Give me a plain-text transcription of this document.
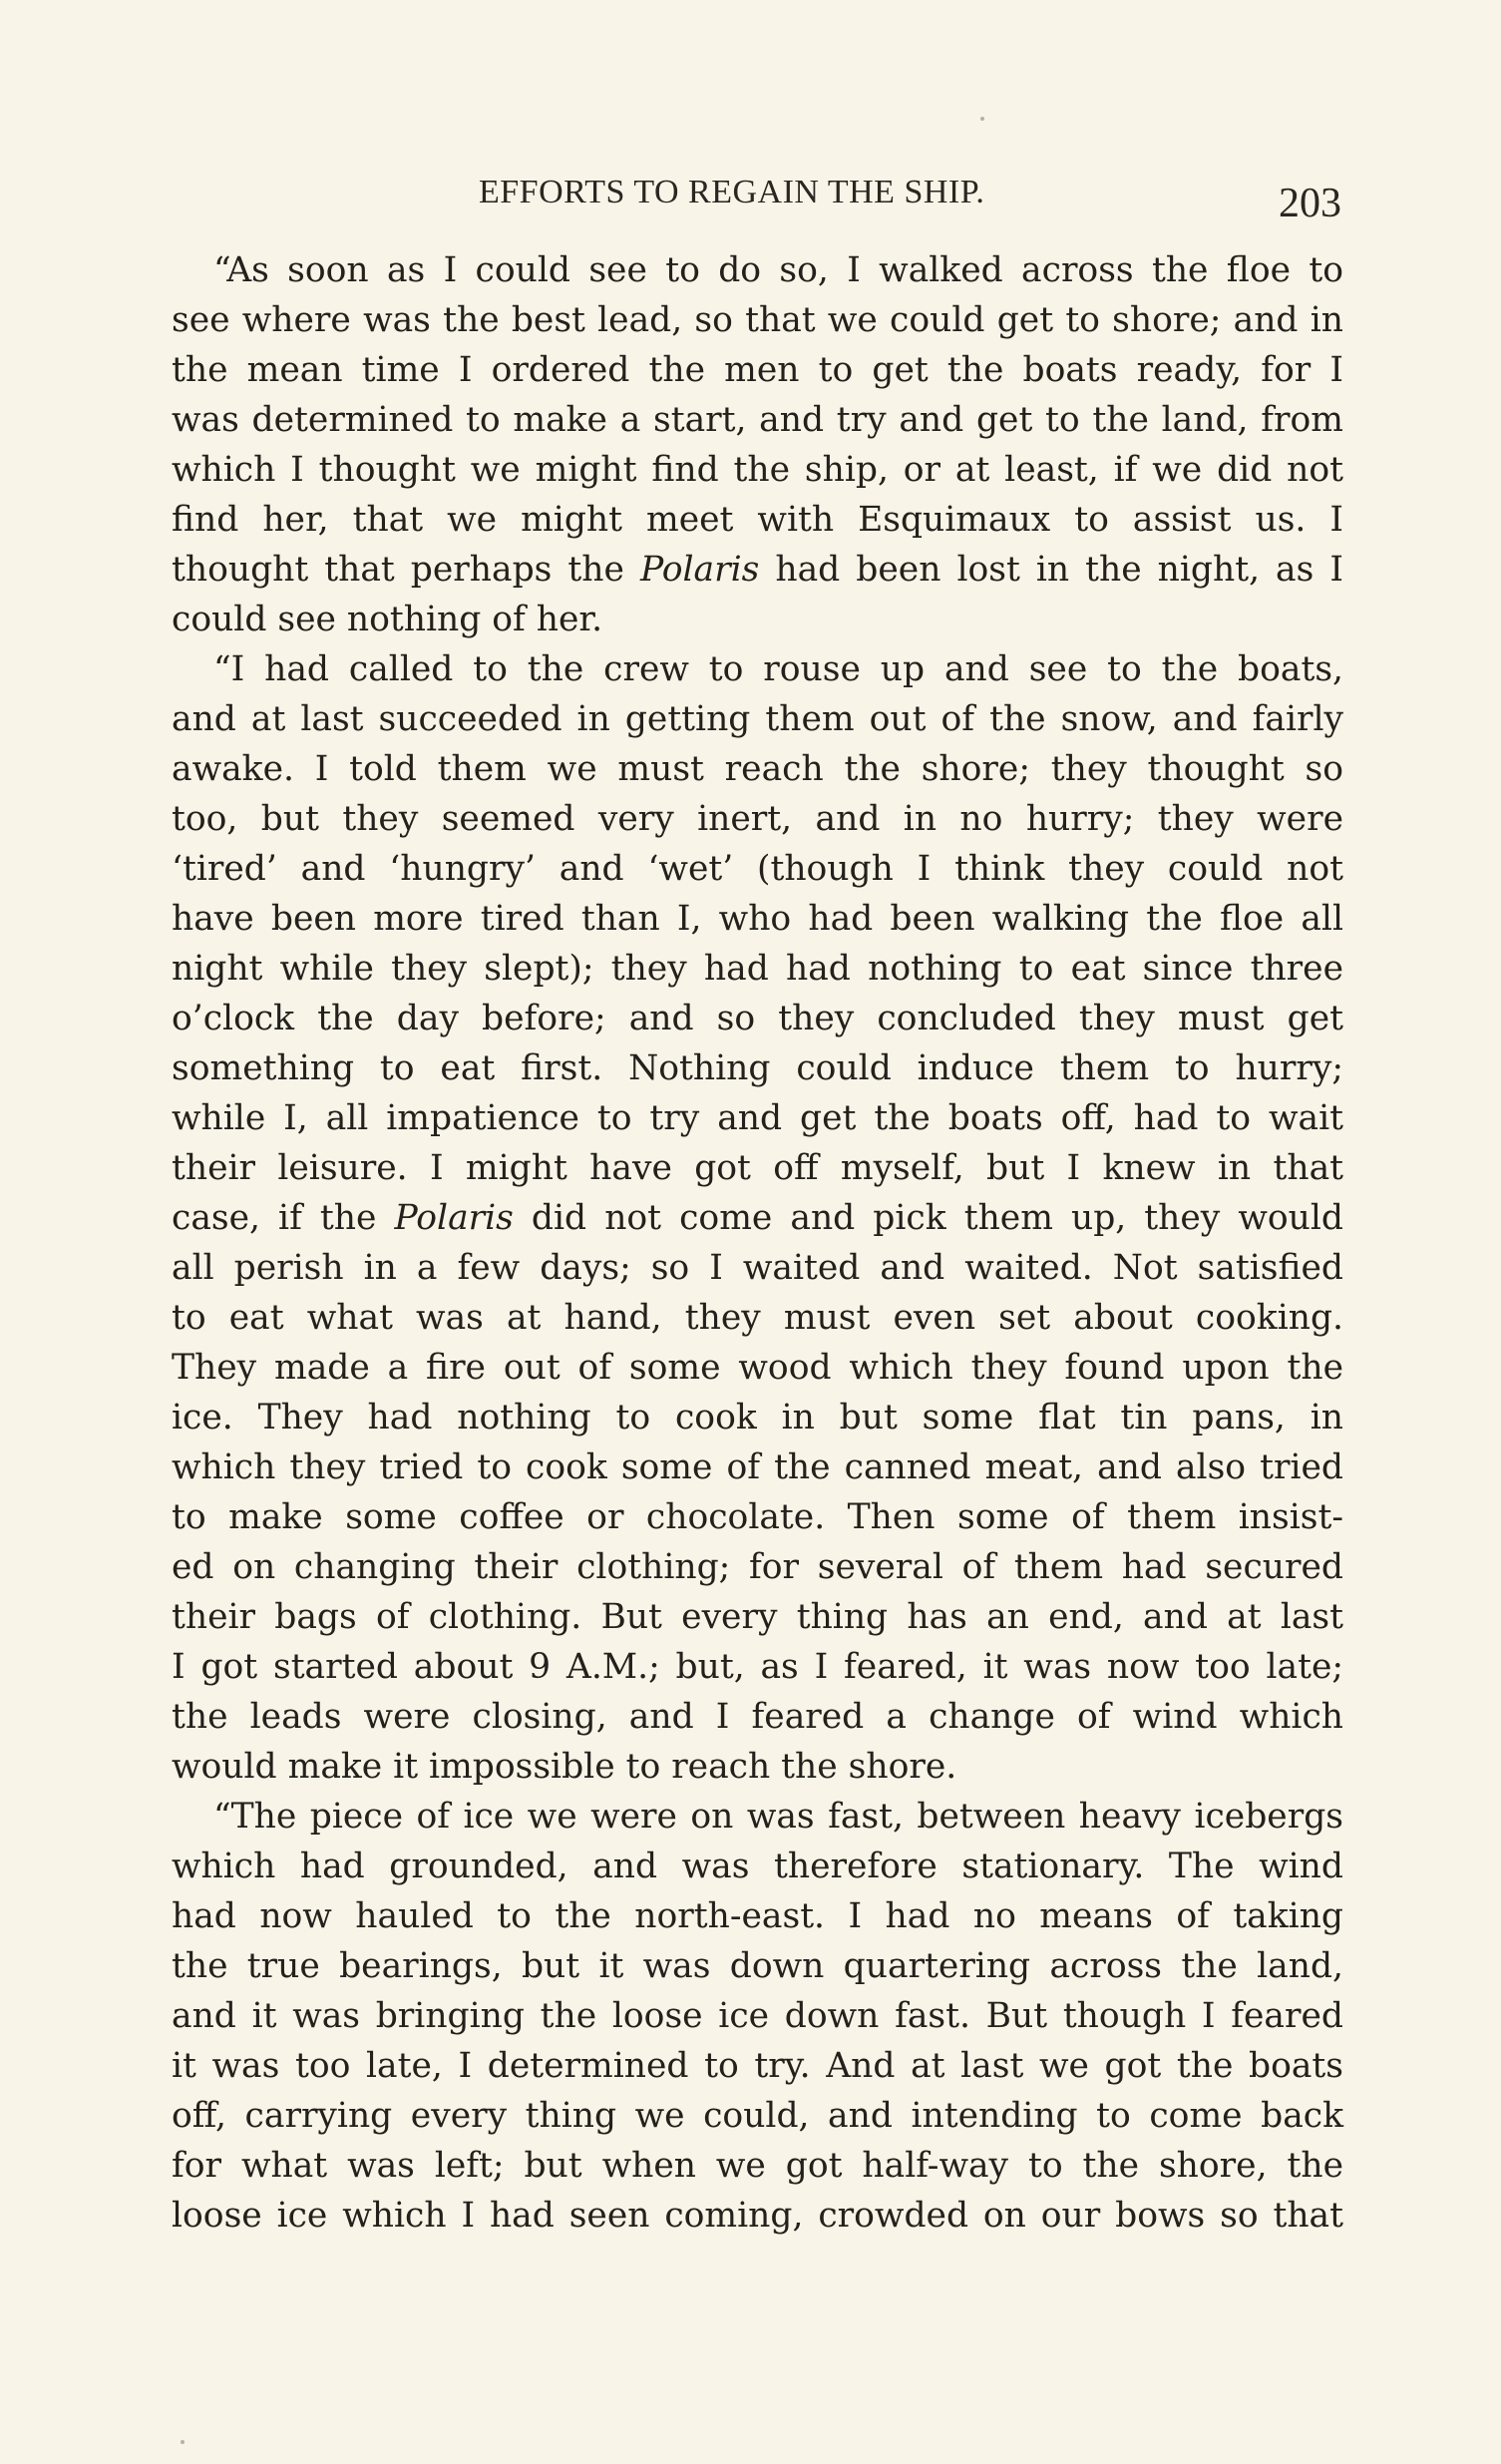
EFFORTS TO REGAIN THE SHIP.	203
“As soon as I could see to do so, I walked across the floe to
see where was the best lead, so that we could get to shore; and in
the mean time I ordered the men to get the boats ready, for I
was determined to make a start, and try and get to the land, from
which I thought we might find the ship, or at least, if we did not
find her, that we might meet with Esquimaux to assist us. I
thought that perhaps the Polaris had been lost in the night, as I
could see nothing of her.
“I had called to the crew to rouse up and see to the boats,
and at last succeeded in getting them out of the snow, and fairly
awake. I told them we must reach the shore; they thought so
too, but they seemed very inert, and in no hurry; they were
‘tired’ and ‘hungry’ and ‘wet’ (though I think they could not
have been more tired than I, who had been walking the floe all
night while they slept); they had had nothing to eat since three
o’clock the day before; and so they concluded they must get
something to eat first. Nothing could induce them to hurry;
while I, all impatience to try and get the boats off, had to wait
their leisure. I might have got off myself, but I knew in that
case, if the Polaris did not come and pick them up, they would
all perish in a few days; so I waited and waited. Not satisfied
to eat what was at hand, they must even set about cooking.
They made a fire out of some wood which they found upon the
ice. They had nothing to cook in but some flat tin pans, in
which they tried to cook some of the canned meat, and also tried
to make some coffee or chocolate. Then some of them insist-
ed on changing their clothing; for several of them had secured
their bags of clothing. But every thing has an end, and at last
I got started about 9 A.M.; but, as I feared, it was now too late;
the leads were closing, and I feared a change of wind which
would make it impossible to reach the shore.
“The piece of ice we were on was fast, between heavy icebergs
which had grounded, and was therefore stationary. The wind
had now hauled to the north-east. I had no means of taking
the true bearings, but it was down quartering across the land,
and it was bringing the loose ice down fast. But though I feared
it was too late, I determined to try. And at last we got the boats
off, carrying every thing we could, and intending to come back
for what was left; but when we got half-way to the shore, the
loose ice which I had seen coming, crowded on our bows so that
